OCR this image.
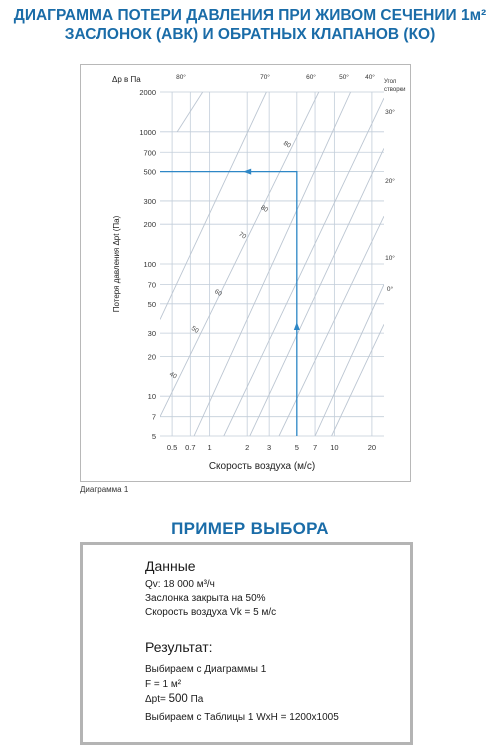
ДИАГРАММА ПОТЕРИ ДАВЛЕНИЯ ПРИ ЖИВОМ СЕЧЕНИИ 1м²
ЗАСЛОНОК (АВК) И ОБРАТНЫХ КЛАПАНОВ (КО)
2000
1000
700
500
300
200
100
70
50
30
20
10
7
5
0.5 0.7 1	2 3	5 7 10	20
80°	70°	60°	50° 40°
30°
20°
10°
0°
Угол
створки
80
80
70
60
50
40
Потеря давления Δpt (Па)
Δp в Па
Скорость воздуха (м/с)
Диаграмма 1
ПРИМЕР ВЫБОРА
Данные
Qv: 18 000 м³/ч
Заслонка закрыта на 50%
Скорость воздуха Vk = 5 м/с
Результат:
Выбираем с Диаграммы 1
F = 1 м²
Δpt= 500 Па
Выбираем с Таблицы 1 WxH = 1200x1005
